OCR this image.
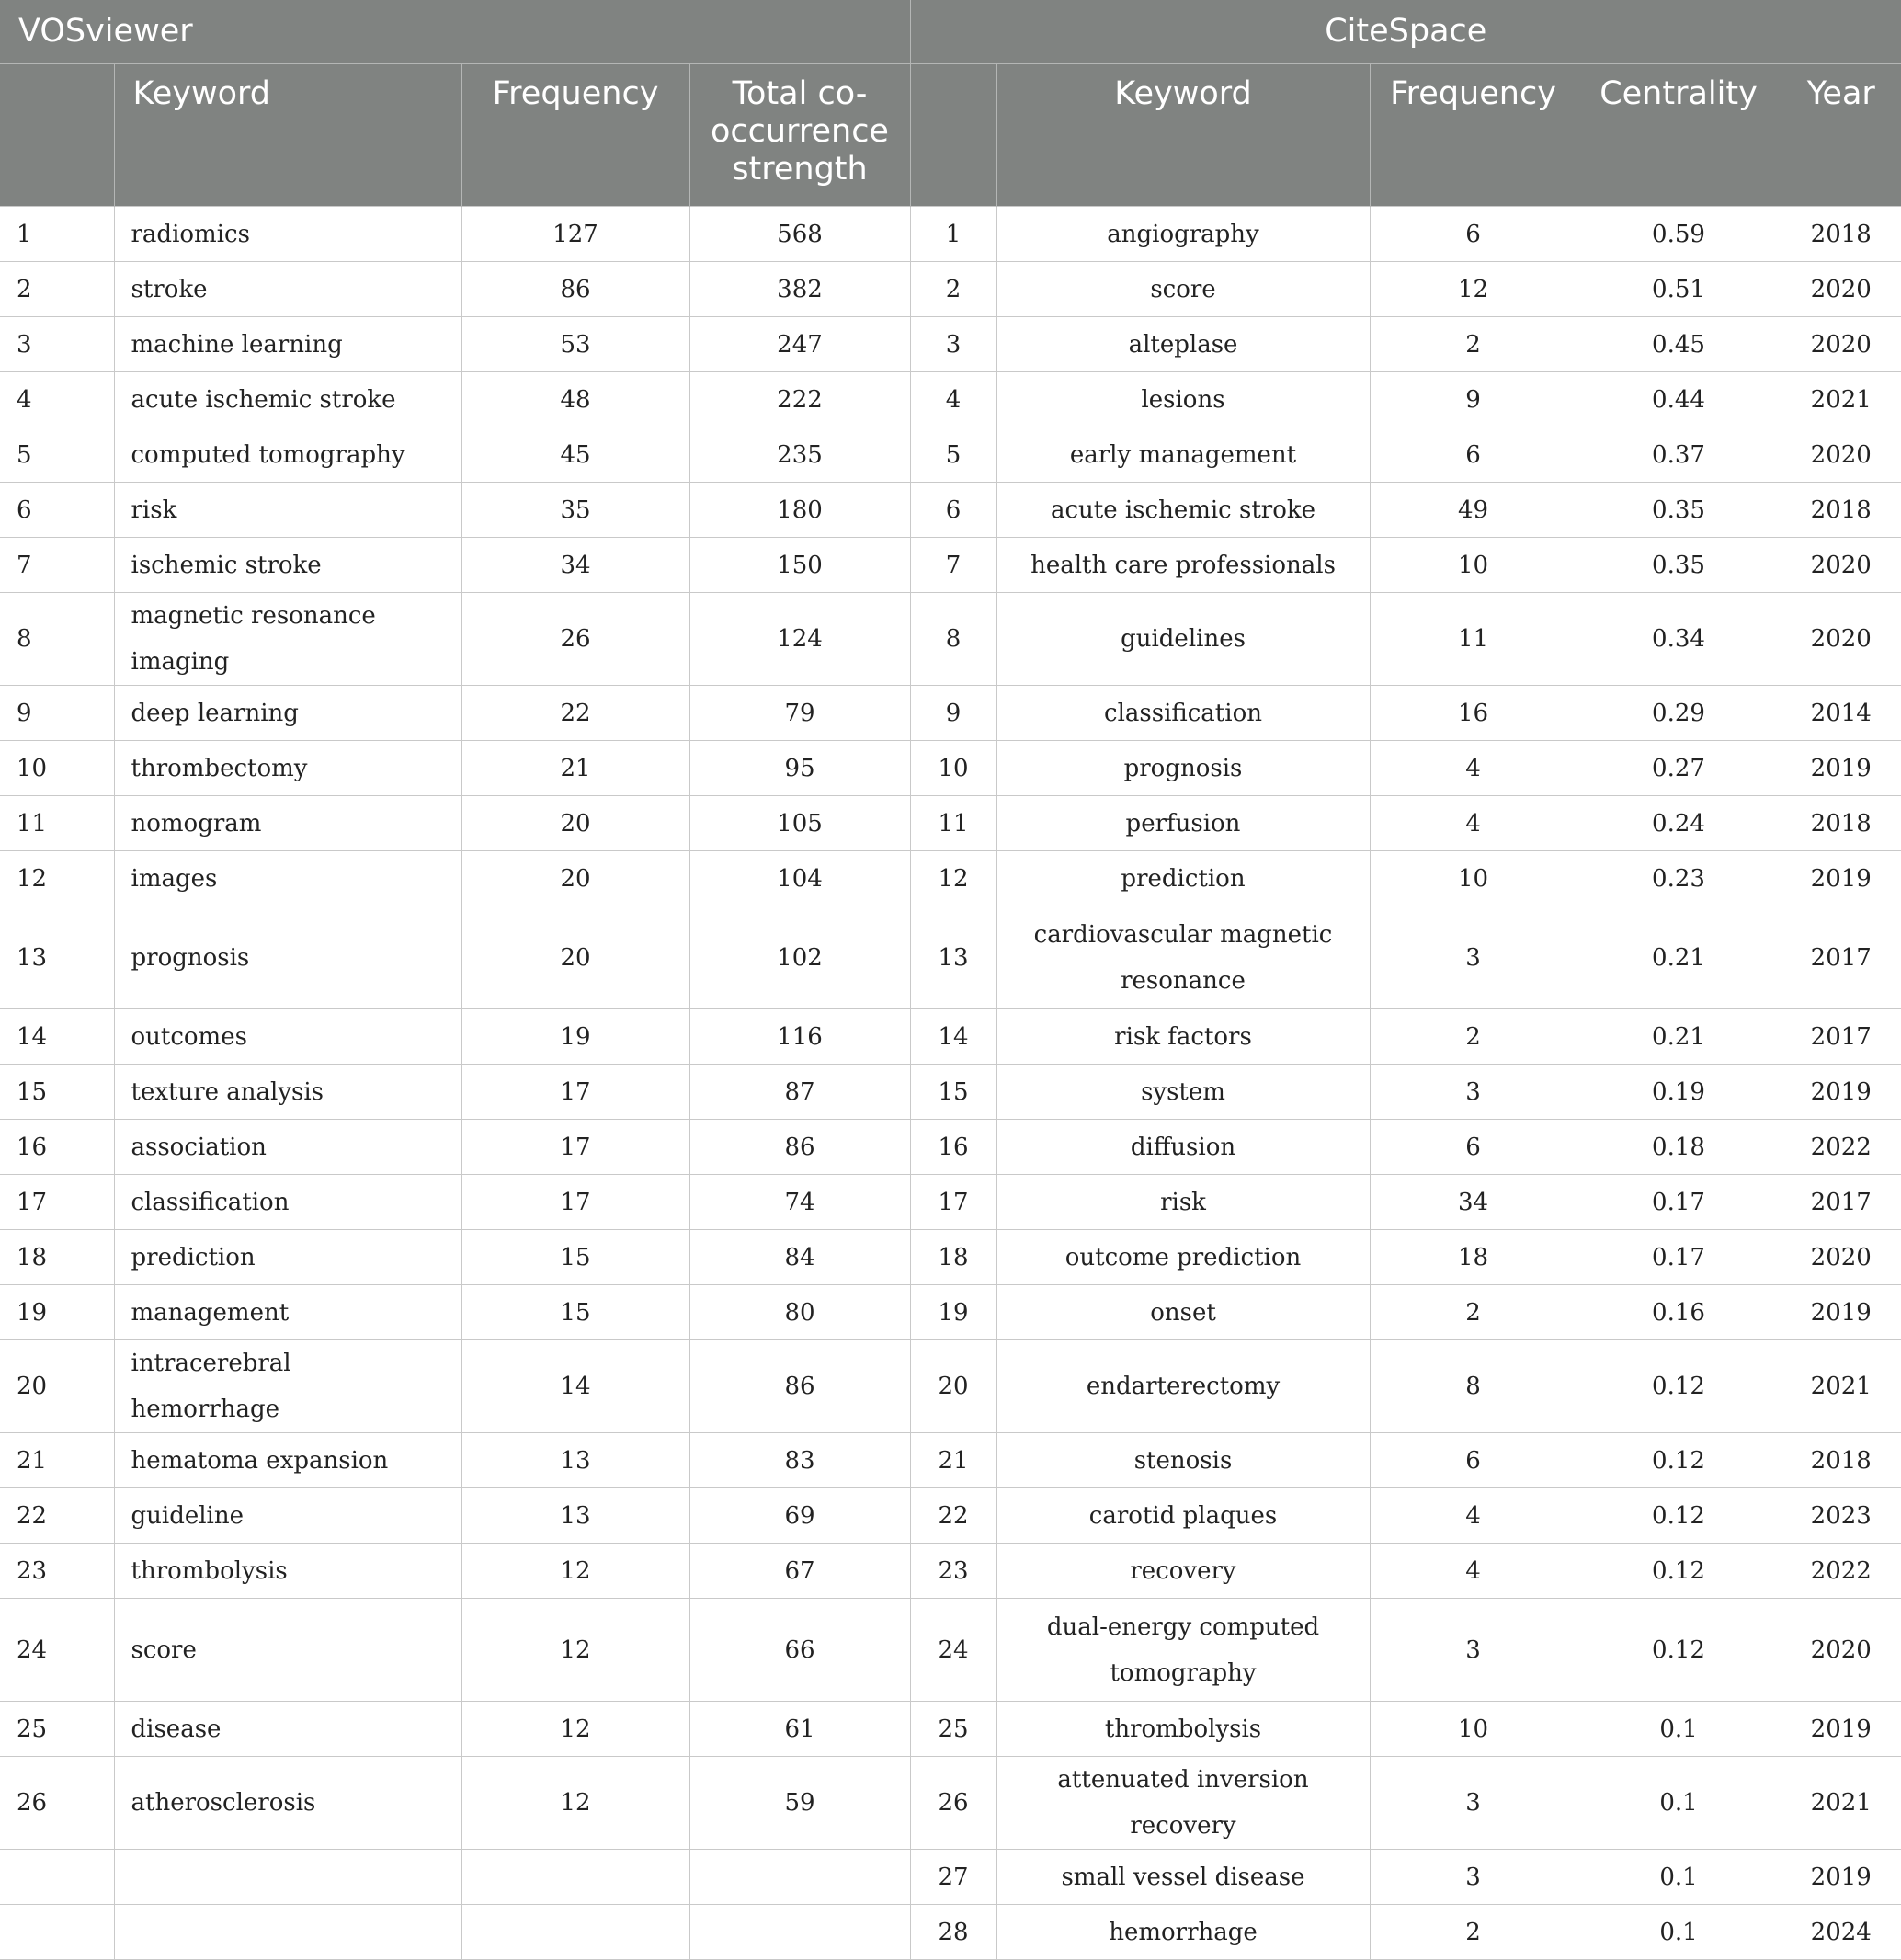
VOSviewer				CiteSpace				
	Keyword	Frequency	Total co-occurrence strength		Keyword	Frequency	Centrality	Year
1	radiomics	127	568	1	angiography	6	0.59	2018
2	stroke	86	382	2	score	12	0.51	2020
3	machine learning	53	247	3	alteplase	2	0.45	2020
4	acute ischemic stroke	48	222	4	lesions	9	0.44	2021
5	computed tomography	45	235	5	early management	6	0.37	2020
6	risk	35	180	6	acute ischemic stroke	49	0.35	2018
7	ischemic stroke	34	150	7	health care professionals	10	0.35	2020
8	magnetic resonance imaging	26	124	8	guidelines	11	0.34	2020
9	deep learning	22	79	9	classification	16	0.29	2014
10	thrombectomy	21	95	10	prognosis	4	0.27	2019
11	nomogram	20	105	11	perfusion	4	0.24	2018
12	images	20	104	12	prediction	10	0.23	2019
13	prognosis	20	102	13	cardiovascular magnetic resonance	3	0.21	2017
14	outcomes	19	116	14	risk factors	2	0.21	2017
15	texture analysis	17	87	15	system	3	0.19	2019
16	association	17	86	16	diffusion	6	0.18	2022
17	classification	17	74	17	risk	34	0.17	2017
18	prediction	15	84	18	outcome prediction	18	0.17	2020
19	management	15	80	19	onset	2	0.16	2019
20	intracerebral hemorrhage	14	86	20	endarterectomy	8	0.12	2021
21	hematoma expansion	13	83	21	stenosis	6	0.12	2018
22	guideline	13	69	22	carotid plaques	4	0.12	2023
23	thrombolysis	12	67	23	recovery	4	0.12	2022
24	score	12	66	24	dual-energy computed tomography	3	0.12	2020
25	disease	12	61	25	thrombolysis	10	0.1	2019
26	atherosclerosis	12	59	26	attenuated inversion recovery	3	0.1	2021
				27	small vessel disease	3	0.1	2019
				28	hemorrhage	2	0.1	2024
